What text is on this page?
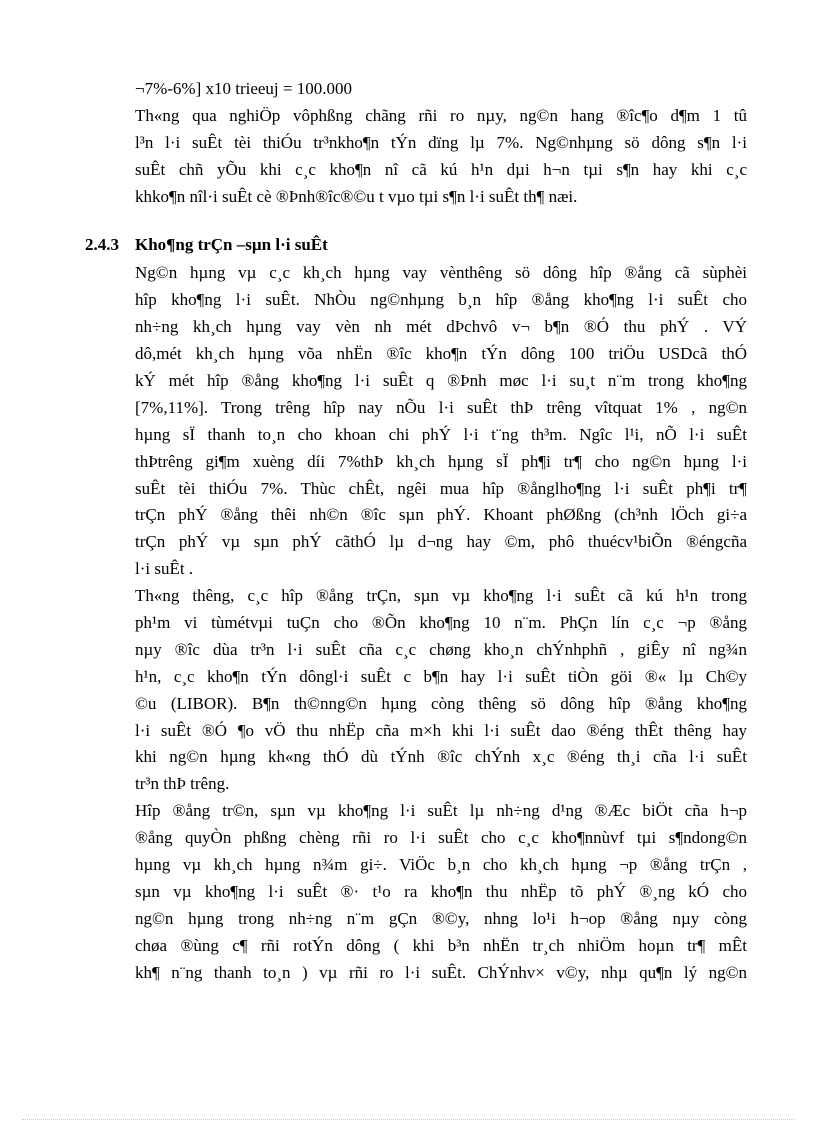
¬7%-6%] x10 trieeuj = 100.000
Th«ng qua nghiÖp vôphßng chãng rñi ro nµy, ng©n hang ®îc¶o d¶m 1 tû
l³n l·i suÊt tèi thiÓu tr³nkho¶n tÝn dïng lµ 7%. Ng©nhµng sö dông s¶n l·i
suÊt chñ yÕu khi c¸c kho¶n nî cã kú h¹n dµi h¬n tµi s¶n hay khi c¸c
khko¶n nîl·i suÊt cè ®Þnh®îc®©u t vµo tµi s¶n l·i suÊt th¶ næi.
2.4.3 Kho¶ng trÇn –sµn l·i suÊt
Ng©n hµng vµ c¸c kh¸ch hµng vay vènthêng sö dông hîp ®ång cã sùphèi
hîp kho¶ng l·i suÊt. NhÒu ng©nhµng b¸n hîp ®ång kho¶ng l·i suÊt cho
nh÷ng kh¸ch hµng vay vèn nh mét dÞchvô v¬ b¶n ®Ó thu phÝ . VÝ
dô,mét kh¸ch hµng võa nhËn ®îc kho¶n tÝn dông 100 triÖu USDcã thÓ
kÝ mét hîp ®ång kho¶ng l·i suÊt q ®Þnh møc l·i su¸t n¨m trong kho¶ng
[7%,11%]. Trong trêng hîp nay nÕu l·i suÊt thÞ trêng vîtquat 1% , ng©n
hµng sÏ thanh to¸n cho khoan chi phÝ l·i t¨ng th³m. Ngîc l¹i, nÕ l·i suÊt
thÞtrêng gi¶m xuèng díi 7%thÞ kh¸ch hµng sÏ ph¶i tr¶ cho ng©n hµng l·i
suÊt tèi thiÓu 7%. Thùc chÊt, ngêi mua hîp ®ånglho¶ng l·i suÊt ph¶i tr¶
trÇn phÝ ®ång thêi nh©n ®îc sµn phÝ. Khoant phØßng (ch³nh lÖch gi÷a
trÇn phÝ vµ sµn phÝ cãthÓ lµ d¬ng hay ©m, phô thuécv¹biÕn ®éngcña
l·i suÊt .
Th«ng thêng, c¸c hîp ®ång trÇn, sµn vµ kho¶ng l·i suÊt cã kú h¹n trong
ph¹m vi tùmétvµi tuÇn cho ®Õn kho¶ng 10 n¨m. PhÇn lín c¸c ¬p ®ång
nµy ®îc dùa tr³n l·i suÊt cña c¸c chøng kho¸n chÝnhphñ , giÊy nî ng¾n
h¹n, c¸c kho¶n tÝn dôngl·i suÊt c b¶n hay l·i suÊt tiÒn göi ®« lµ Ch©y
©u (LIBOR). B¶n th©nng©n hµng còng thêng sö dông hîp ®ång kho¶ng
l·i suÊt ®Ó ¶o vÖ thu nhËp cña m×h khi l·i suÊt dao ®éng thÊt thêng hay
khi ng©n hµng kh«ng thÓ dù tÝnh ®îc chÝnh x¸c ®éng th¸i cña l·i suÊt
tr³n thÞ trêng.
Hîp ®ång tr©n, sµn vµ kho¶ng l·i suÊt lµ nh÷ng d¹ng ®Æc biÖt cña h¬p
®ång quyÒn phßng chèng rñi ro l·i suÊt cho c¸c kho¶nnùvf tµi s¶ndong©n
hµng vµ kh¸ch hµng n¾m gi÷. ViÖc b¸n cho kh¸ch hµng ¬p ®ång trÇn ,
sµn vµ kho¶ng l·i suÊt ®· t¹o ra kho¶n thu nhËp tõ phÝ ®¸ng kÓ cho
ng©n hµng trong nh÷ng n¨m gÇn ®©y, nhng lo¹i h¬op ®ång nµy còng
chøa ®ùng c¶ rñi rotÝn dông ( khi b³n nhËn tr¸ch nhiÖm hoµn tr¶ mÊt
kh¶ n¨ng thanh to¸n ) vµ rñi ro l·i suÊt. ChÝnhv× v©y, nhµ qu¶n lý ng©n
